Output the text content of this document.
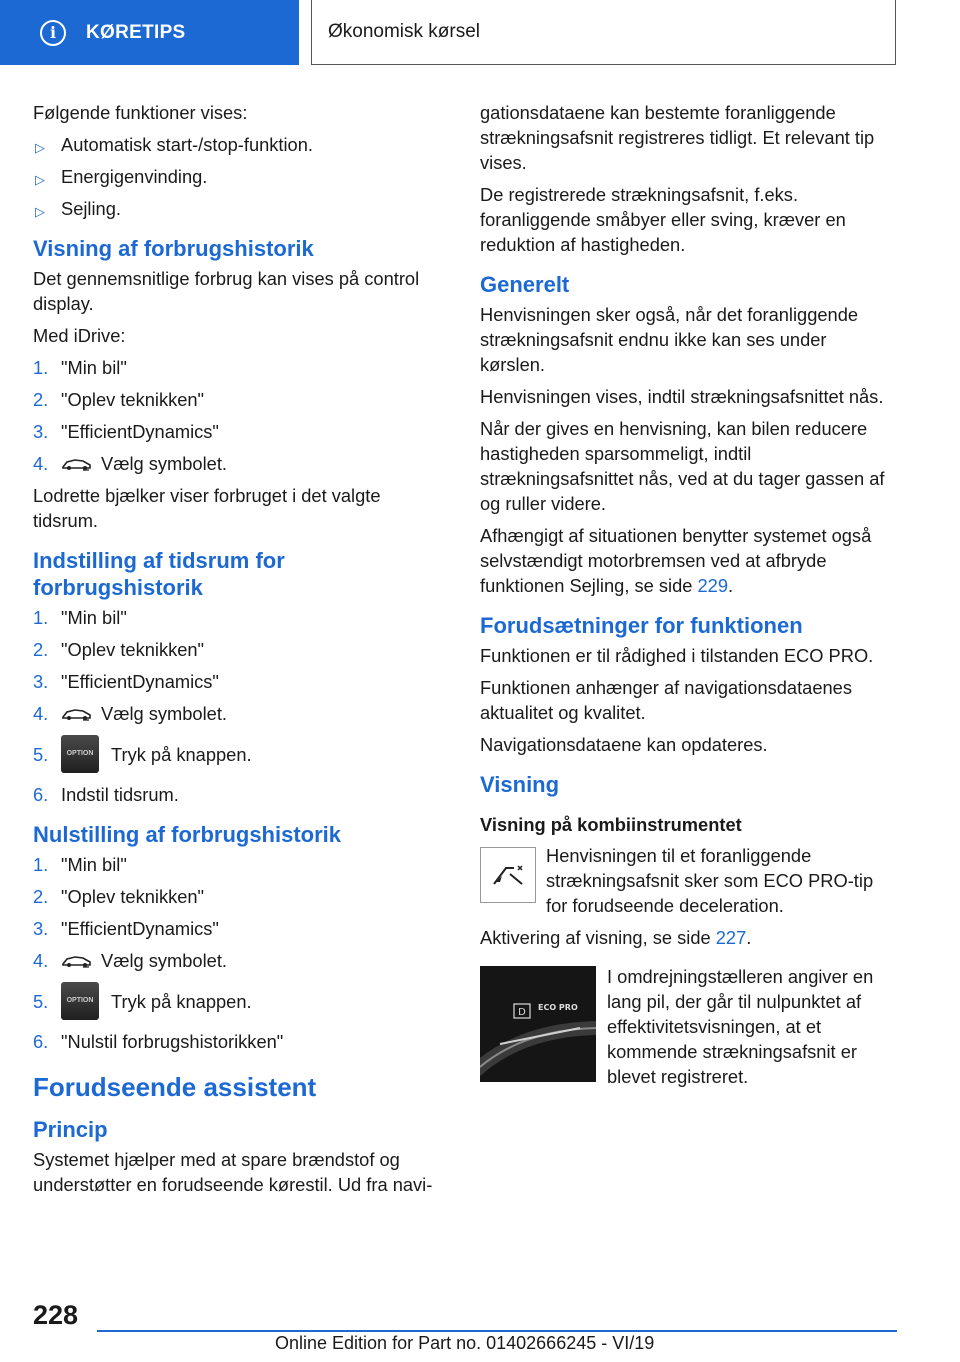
i	KØRETIPS	Økonomisk kørsel

Følgende funktioner vises:

▷ Automatisk start-/stop-funktion.
▷ Energigenvinding.
▷ Sejling.
Visning af forbrugshistorik

Det gennemsnitlige forbrug kan vises på control display.

Med iDrive:

1. "Min bil"
2. "Oplev teknikken"
3. "EfficientDynamics"
4.	Vælg symbolet.

Lodrette bjælker viser forbruget i det valgte tidsrum.

Indstilling af tidsrum for forbrugshistorik
1. "Min bil"
2. "Oplev teknikken"
3. "EfficientDynamics"
4.	Vælg symbolet.
5.	OPTION Tryk på knappen.
6. Indstil tidsrum.
Nulstilling af forbrugshistorik
1. "Min bil"
2. "Oplev teknikken"
3. "EfficientDynamics"
4.	Vælg symbolet.
5.	OPTION Tryk på knappen.
6. "Nulstil forbrugshistorikken"
Forudseende assistent
Princip

Systemet hjælper med at spare brændstof og understøtter en forudseende kørestil. Ud fra navi-

gationsdataene kan bestemte foranliggende strækningsafsnit registreres tidligt. Et relevant tip vises.

De registrerede strækningsafsnit, f.eks. foranliggende småbyer eller sving, kræver en reduktion af hastigheden.

Generelt

Henvisningen sker også, når det foranliggende strækningsafsnit endnu ikke kan ses under kørslen.

Henvisningen vises, indtil strækningsafsnittet nås.

Når der gives en henvisning, kan bilen reducere hastigheden sparsommeligt, indtil strækningsafsnittet nås, ved at du tager gassen af og ruller videre.

Afhængigt af situationen benytter systemet også selvstændigt motorbremsen ved at afbryde funktionen Sejling, se side 229.

Forudsætninger for funktionen

Funktionen er til rådighed i tilstanden ECO PRO.

Funktionen anhænger af navigationsdataenes aktualitet og kvalitet.

Navigationsdataene kan opdateres.

Visning
Visning på kombiinstrumentet

Henvisningen til et foranliggende strækningsafsnit sker som ECO PRO-tip for forudseende deceleration.

Aktivering af visning, se side 227.

D ECO PRO

I omdrejningstælleren angiver en lang pil, der går til nulpunktet af effektivitetsvisningen, at et kommende strækningsafsnit er blevet registreret.

228
Online Edition for Part no. 01402666245 - VI/19
